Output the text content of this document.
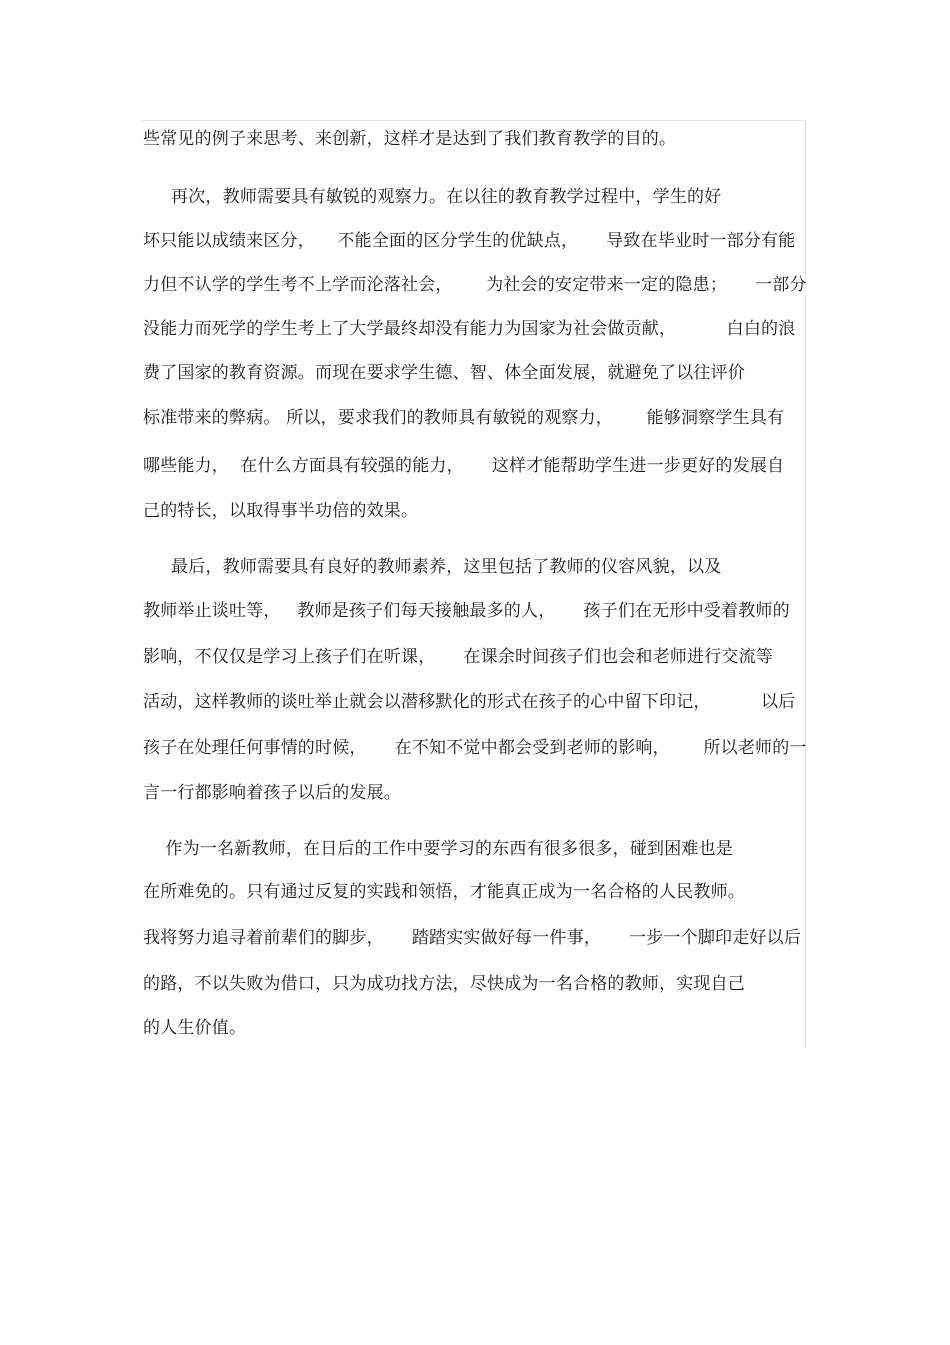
些常见的例子来思考、来创新，这样才是达到了我们教育教学的目的。
再次，教师需要具有敏锐的观察力。在以往的教育教学过程中，学生的好
坏只能以成绩来区分，    不能全面的区分学生的优缺点，     导致在毕业时一部分有能
力但不认学的学生考不上学而沦落社会，      为社会的安定带来一定的隐患；     一部分
没能力而死学的学生考上了大学最终却没有能力为国家为社会做贡献，         白白的浪
费了国家的教育资源。而现在要求学生德、智、体全面发展，就避免了以往评价
标准带来的弊病。 所以，要求我们的教师具有敏锐的观察力，      能够洞察学生具有
哪些能力，  在什么方面具有较强的能力，     这样才能帮助学生进一步更好的发展自
己的特长，以取得事半功倍的效果。
最后，教师需要具有良好的教师素养，这里包括了教师的仪容风貌，以及
教师举止谈吐等，   教师是孩子们每天接触最多的人，     孩子们在无形中受着教师的
影响，不仅仅是学习上孩子们在听课，     在课余时间孩子们也会和老师进行交流等
活动，这样教师的谈吐举止就会以潜移默化的形式在孩子的心中留下印记，         以后
孩子在处理任何事情的时候，     在不知不觉中都会受到老师的影响，      所以老师的一
言一行都影响着孩子以后的发展。
作为一名新教师，在日后的工作中要学习的东西有很多很多，碰到困难也是
在所难免的。只有通过反复的实践和领悟，才能真正成为一名合格的人民教师。
我将努力追寻着前辈们的脚步，     踏踏实实做好每一件事，     一步一个脚印走好以后
的路，不以失败为借口，只为成功找方法，尽快成为一名合格的教师，实现自己
的人生价值。
